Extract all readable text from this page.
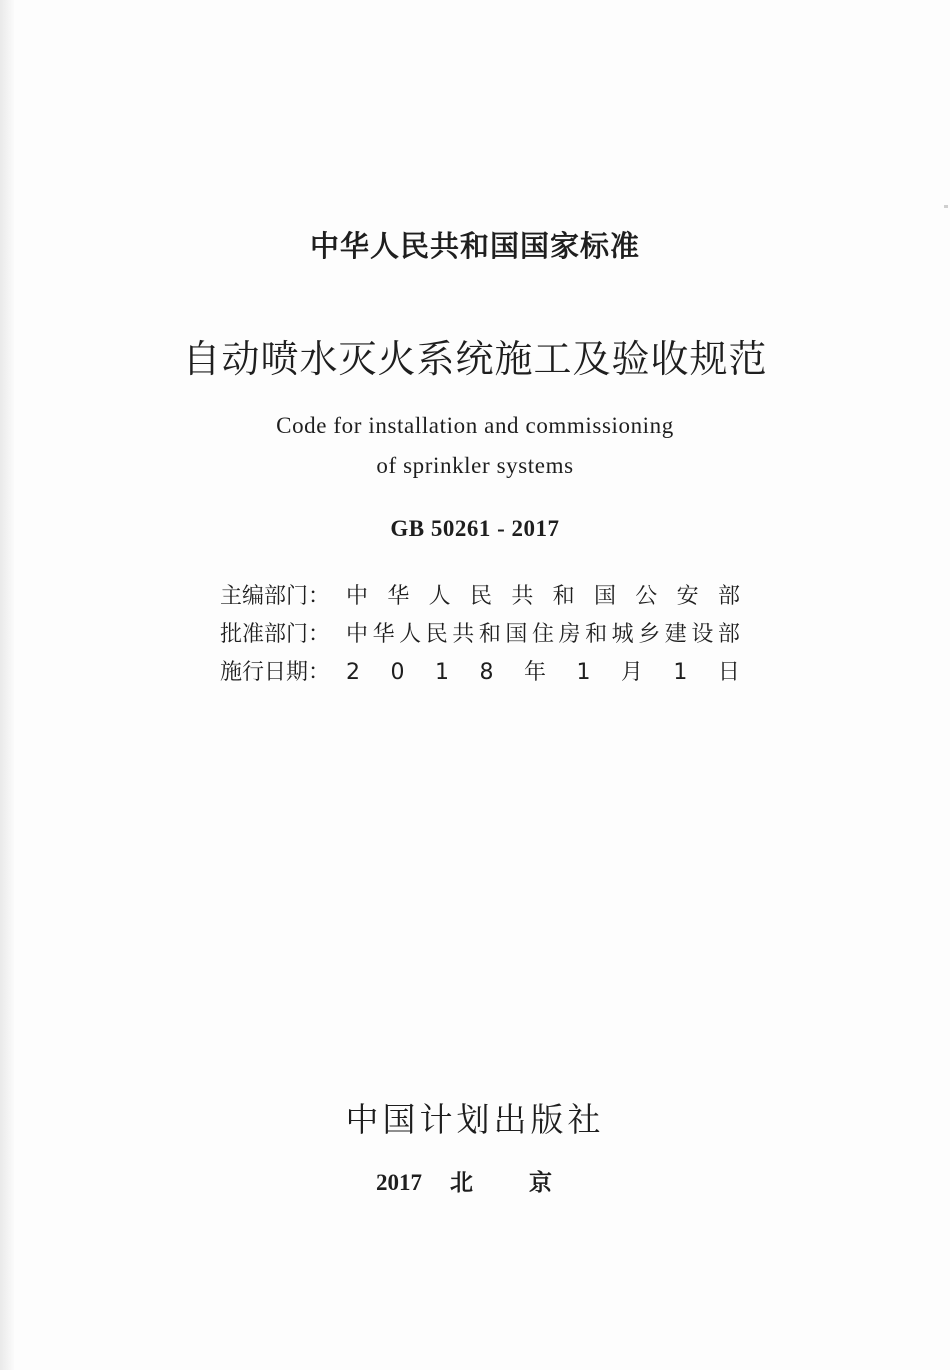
中华人民共和国国家标准
自动喷水灭火系统施工及验收规范
Code for installation and commissioning
of sprinkler systems
GB 50261 - 2017
主编部门： 中 华 人 民 共 和 国 公 安 部
批准部门： 中 华 人 民 共 和 国 住 房 和 城 乡 建 设 部
施行日期： 2 0 1 8 年 1 月 1 日
中国计划出版社
2017 北京
